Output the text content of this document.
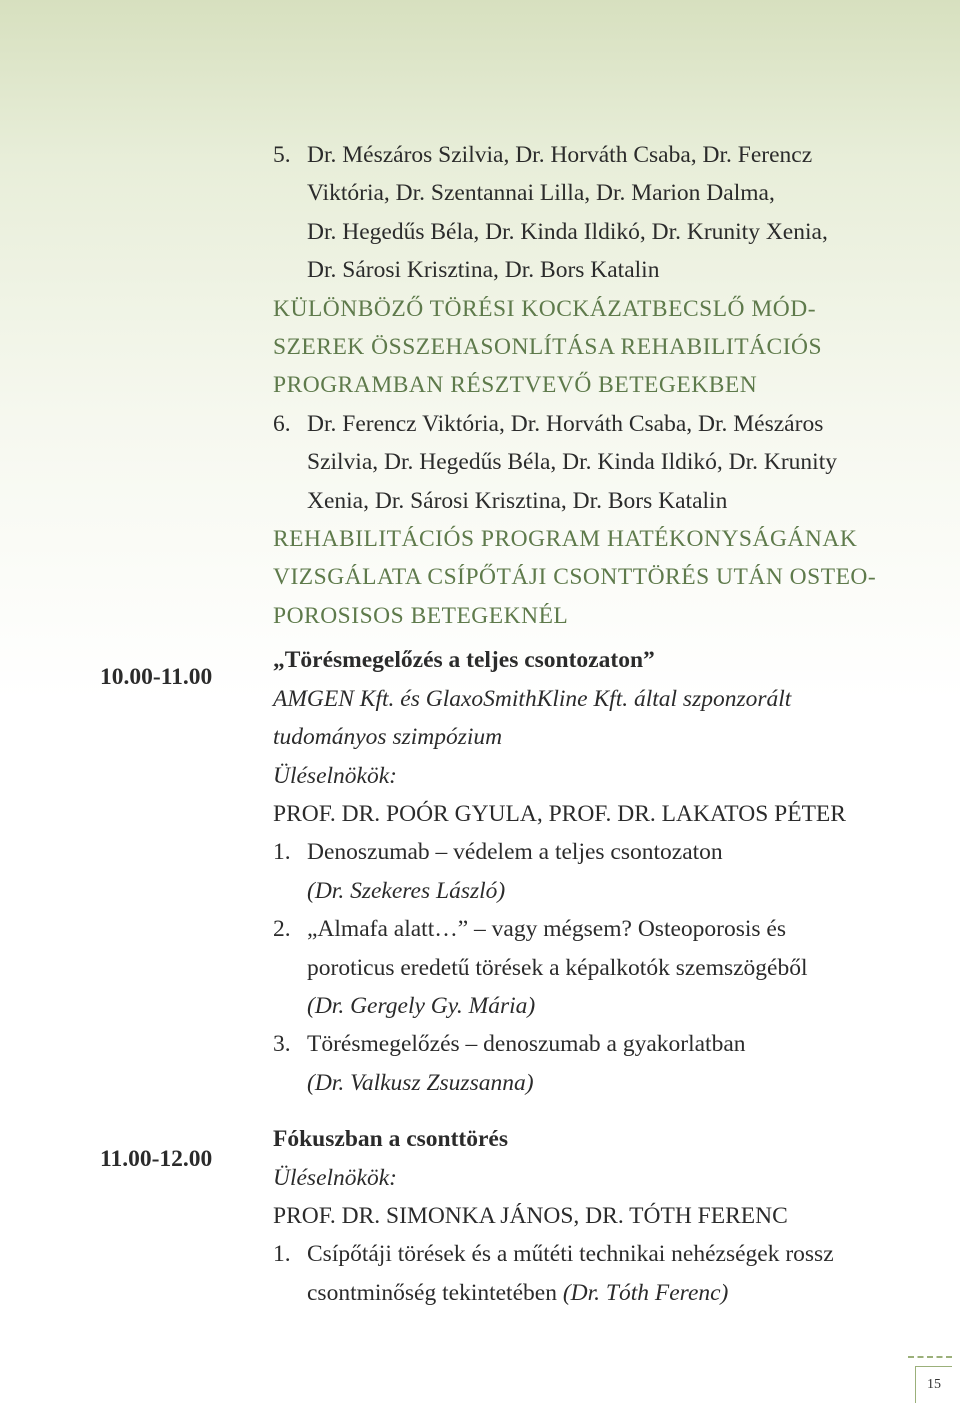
5. Dr. Mészáros Szilvia, Dr. Horváth Csaba, Dr. Ferencz
Viktória, Dr. Szentannai Lilla, Dr. Marion Dalma,
Dr. Hegedűs Béla, Dr. Kinda Ildikó, Dr. Krunity Xenia,
Dr. Sárosi Krisztina, Dr. Bors Katalin
KÜLÖNBÖZŐ TÖRÉSI KOCKÁZATBECSLŐ MÓD-
SZEREK ÖSSZEHASONLÍTÁSA REHABILITÁCIÓS
PROGRAMBAN RÉSZTVEVŐ BETEGEKBEN
6. Dr. Ferencz Viktória, Dr. Horváth Csaba, Dr. Mészáros
Szilvia, Dr. Hegedűs Béla, Dr. Kinda Ildikó, Dr. Krunity
Xenia, Dr. Sárosi Krisztina, Dr. Bors Katalin
REHABILITÁCIÓS PROGRAM HATÉKONYSÁGÁNAK
VIZSGÁLATA CSÍPŐTÁJI CSONTTÖRÉS UTÁN OSTEO-
POROSISOS BETEGEKNÉL
„Törésmegelőzés a teljes csontozaton”
AMGEN Kft. és GlaxoSmithKline Kft. által szponzorált
tudományos szimpózium
Üléselnökök:
PROF. DR. POÓR GYULA, PROF. DR. LAKATOS PÉTER
1. Denoszumab – védelem a teljes csontozaton
(Dr. Szekeres László)
2. „Almafa alatt…” – vagy mégsem? Osteoporosis és
poroticus eredetű törések a képalkotók szemszögéből
(Dr. Gergely Gy. Mária)
3. Törésmegelőzés – denoszumab a gyakorlatban
(Dr. Valkusz Zsuzsanna)
Fókuszban a csonttörés
Üléselnökök:
PROF. DR. SIMONKA JÁNOS, DR. TÓTH FERENC
1. Csípőtáji törések és a műtéti technikai nehézségek rossz
csontminőség tekintetében (Dr. Tóth Ferenc)
10.00-11.00
11.00-12.00
15
